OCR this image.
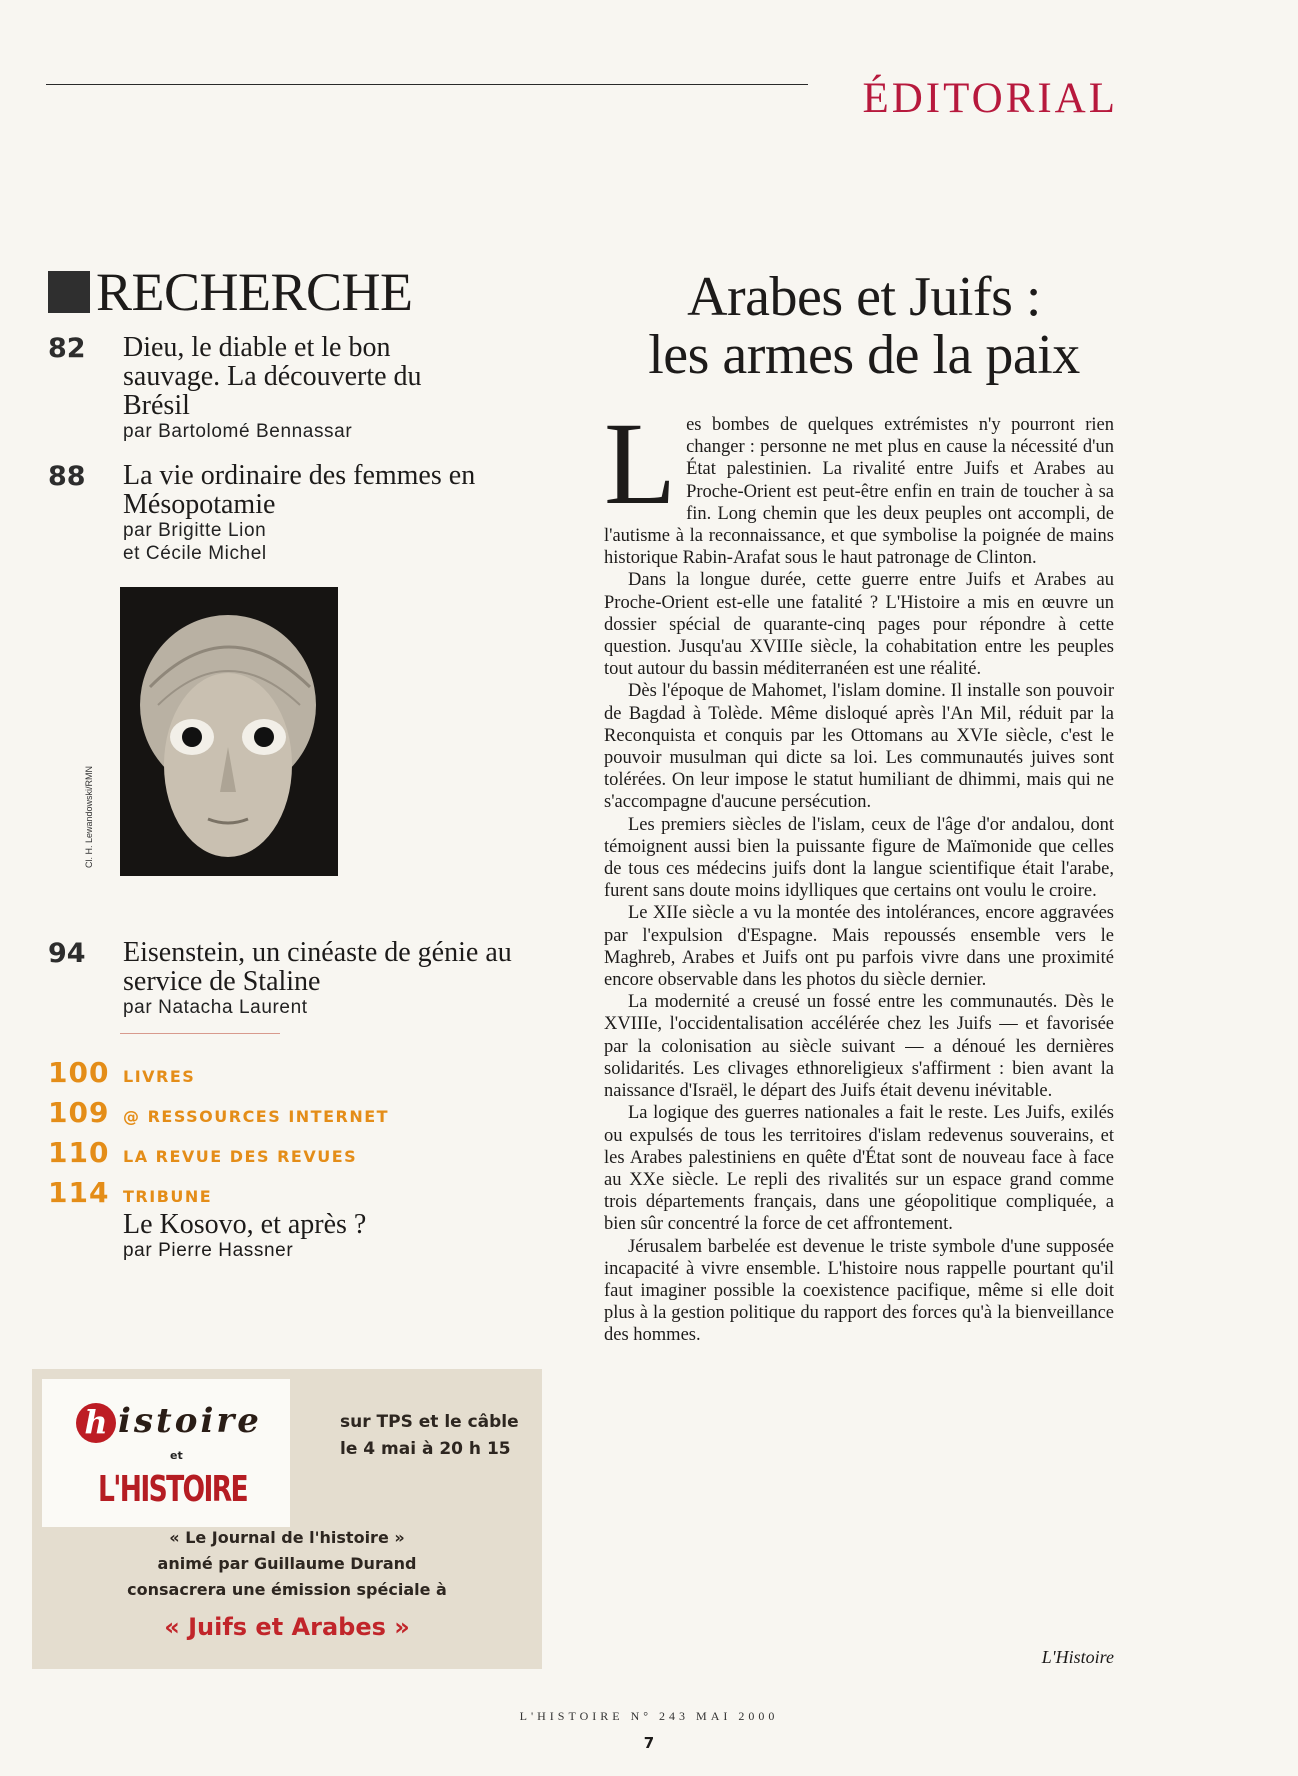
ÉDITORIAL
RECHERCHE
82 Dieu, le diable et le bon sauvage. La découverte du Brésil
par Bartolomé Bennassar
88 La vie ordinaire des femmes en Mésopotamie
par Brigitte Lion
et Cécile Michel
Cl. H. Lewandowski/RMN
94 Eisenstein, un cinéaste de génie au service de Staline
par Natacha Laurent
100 LIVRES
109 @ RESSOURCES INTERNET
110 LA REVUE DES REVUES
114 TRIBUNE
Le Kosovo, et après ?
par Pierre Hassner
h istoire
et
L'HISTOIRE
sur TPS et le câble
le 4 mai à 20 h 15
« Le Journal de l'histoire »
animé par Guillaume Durand
consacrera une émission spéciale à
« Juifs et Arabes »
Arabes et Juifs :
les armes de la paix

Les bombes de quelques extrémistes n'y pourront rien changer : personne ne met plus en cause la nécessité d'un État palestinien. La rivalité entre Juifs et Arabes au Proche-Orient est peut-être enfin en train de toucher à sa fin. Long chemin que les deux peuples ont accompli, de l'autisme à la reconnaissance, et que symbolise la poignée de mains historique Rabin-Arafat sous le haut patronage de Clinton.

Dans la longue durée, cette guerre entre Juifs et Arabes au Proche-Orient est-elle une fatalité ? L'Histoire a mis en œuvre un dossier spécial de quarante-cinq pages pour répondre à cette question. Jusqu'au XVIIIe siècle, la cohabitation entre les peuples tout autour du bassin méditerranéen est une réalité.

Dès l'époque de Mahomet, l'islam domine. Il installe son pouvoir de Bagdad à Tolède. Même disloqué après l'An Mil, réduit par la Reconquista et conquis par les Ottomans au XVIe siècle, c'est le pouvoir musulman qui dicte sa loi. Les communautés juives sont tolérées. On leur impose le statut humiliant de dhimmi, mais qui ne s'accompagne d'aucune persécution.

Les premiers siècles de l'islam, ceux de l'âge d'or andalou, dont témoignent aussi bien la puissante figure de Maïmonide que celles de tous ces médecins juifs dont la langue scientifique était l'arabe, furent sans doute moins idylliques que certains ont voulu le croire.

Le XIIe siècle a vu la montée des intolérances, encore aggravées par l'expulsion d'Espagne. Mais repoussés ensemble vers le Maghreb, Arabes et Juifs ont pu parfois vivre dans une proximité encore observable dans les photos du siècle dernier.

La modernité a creusé un fossé entre les communautés. Dès le XVIIIe, l'occidentalisation accélérée chez les Juifs — et favorisée par la colonisation au siècle suivant — a dénoué les dernières solidarités. Les clivages ethnoreligieux s'affirment : bien avant la naissance d'Israël, le départ des Juifs était devenu inévitable.

La logique des guerres nationales a fait le reste. Les Juifs, exilés ou expulsés de tous les territoires d'islam redevenus souverains, et les Arabes palestiniens en quête d'État sont de nouveau face à face au XXe siècle. Le repli des rivalités sur un espace grand comme trois départements français, dans une géopolitique compliquée, a bien sûr concentré la force de cet affrontement.

Jérusalem barbelée est devenue le triste symbole d'une supposée incapacité à vivre ensemble. L'histoire nous rappelle pourtant qu'il faut imaginer possible la coexistence pacifique, même si elle doit plus à la gestion politique du rapport des forces qu'à la bienveillance des hommes.

L'Histoire
L'HISTOIRE N° 243 MAI 2000
7
